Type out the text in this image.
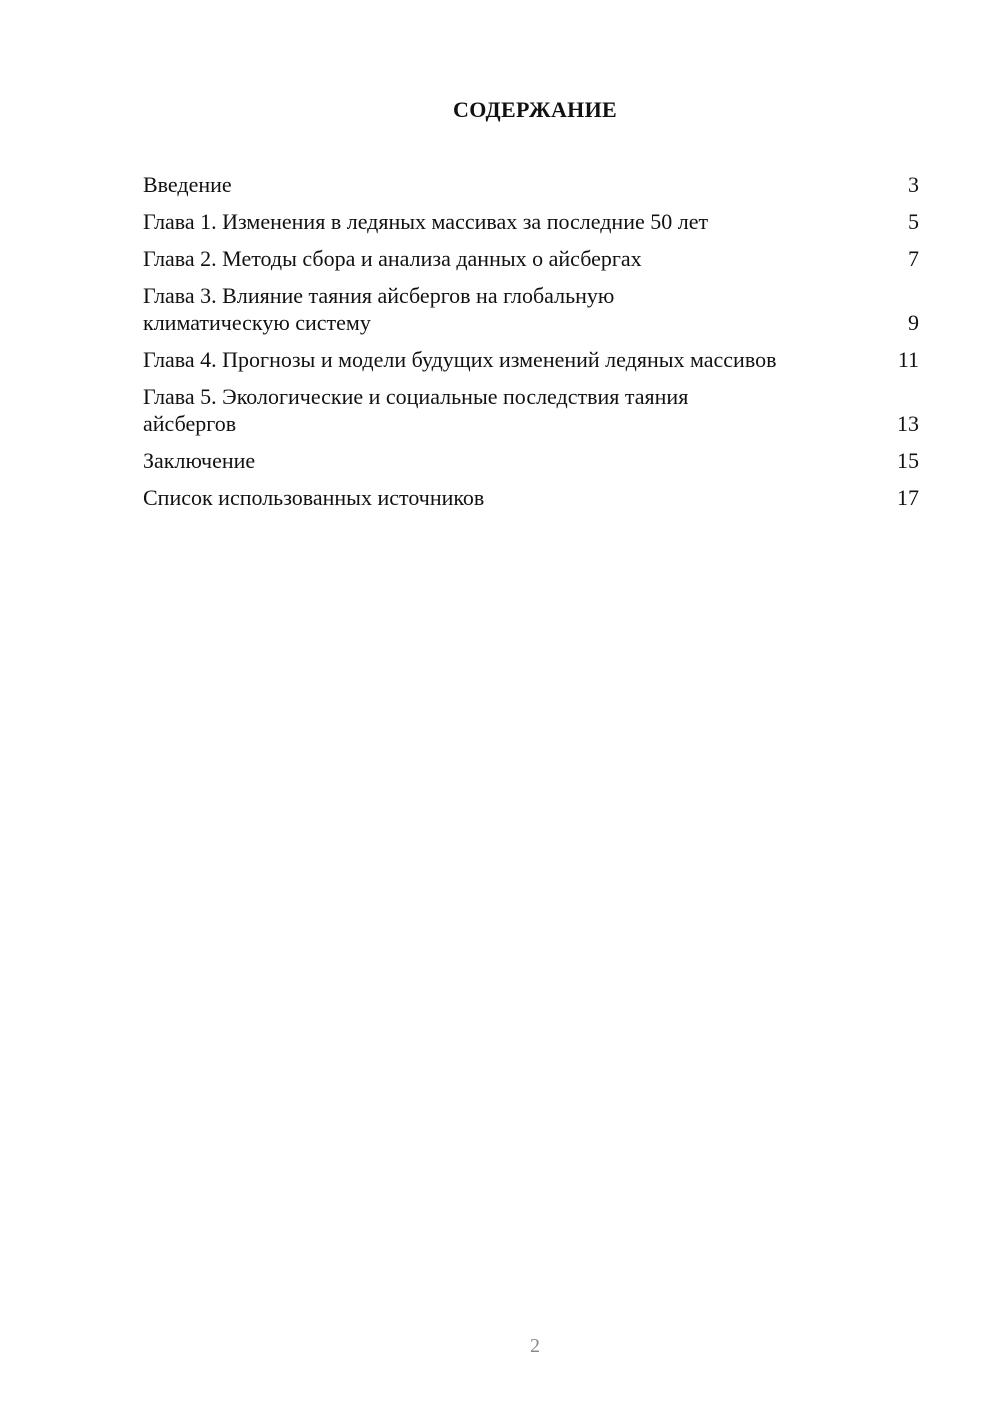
СОДЕРЖАНИЕ
Введение	3
Глава 1. Изменения в ледяных массивах за последние 50 лет	5
Глава 2. Методы сбора и анализа данных о айсбергах	7
Глава 3. Влияние таяния айсбергов на глобальную климатическую систему	9
Глава 4. Прогнозы и модели будущих изменений ледяных массивов	11
Глава 5. Экологические и социальные последствия таяния айсбергов	13
Заключение	15
Список использованных источников	17
2
